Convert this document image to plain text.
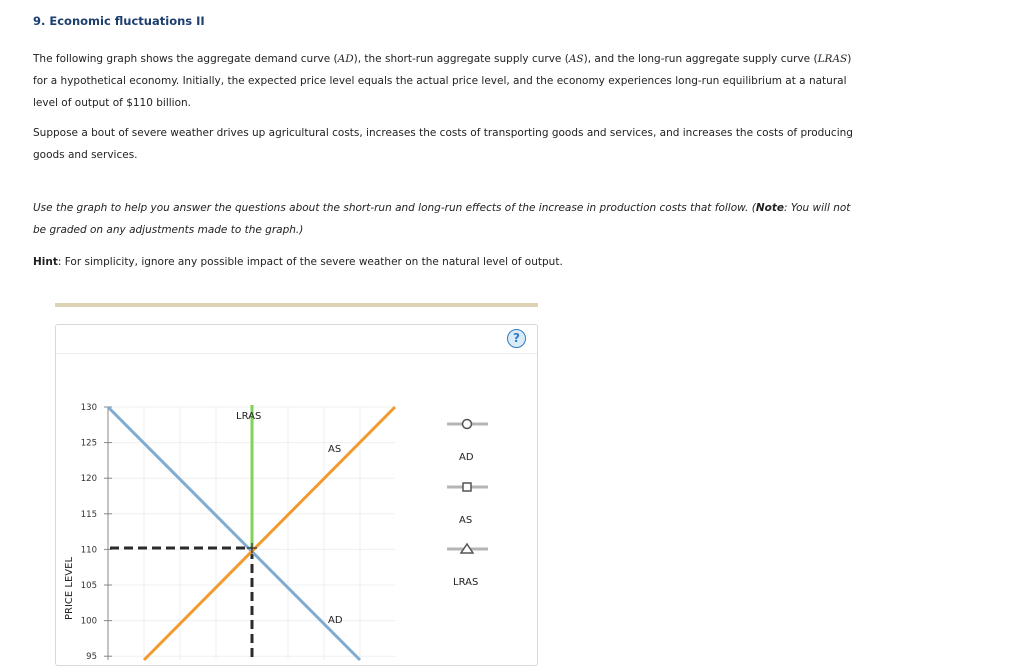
9. Economic fluctuations II

The following graph shows the aggregate demand curve (AD), the short-run aggregate supply curve (AS), and the long-run aggregate supply curve (LRAS) for a hypothetical economy. Initially, the expected price level equals the actual price level, and the economy experiences long-run equilibrium at a natural level of output of $110 billion.

Suppose a bout of severe weather drives up agricultural costs, increases the costs of transporting goods and services, and increases the costs of producing goods and services.

Use the graph to help you answer the questions about the short-run and long-run effects of the increase in production costs that follow. (Note: You will not be graded on any adjustments made to the graph.)

Hint: For simplicity, ignore any possible impact of the severe weather on the natural level of output.

?
130
125
120
115
110
105
100
95
PRICE LEVEL
LRAS
AS
AD
AD
AS
LRAS
